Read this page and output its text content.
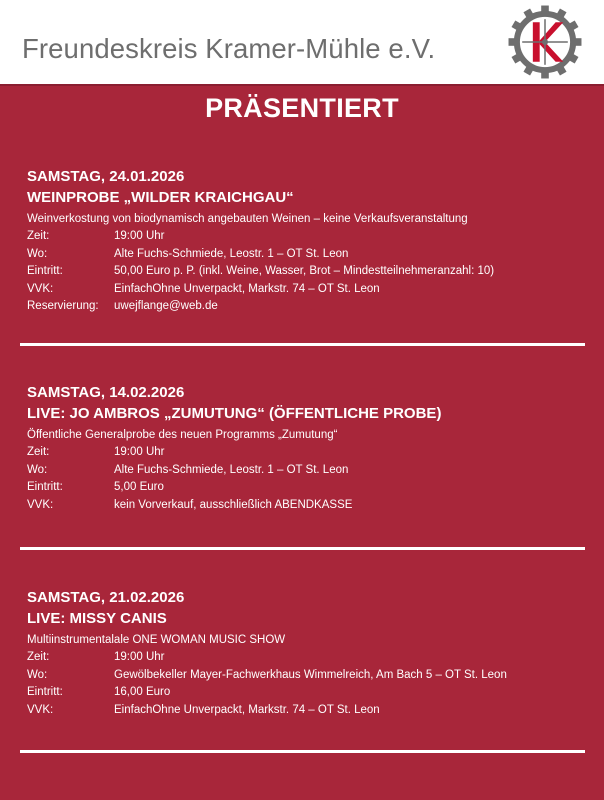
Freundeskreis Kramer-Mühle e.V.
PRÄSENTIERT
SAMSTAG, 24.01.2026
WEINPROBE „WILDER KRAICHGAU“
Weinverkostung von biodynamisch angebauten Weinen – keine Verkaufsveranstaltung
Zeit:	19:00 Uhr
Wo:	Alte Fuchs-Schmiede, Leostr. 1 – OT St. Leon
Eintritt:	50,00 Euro p. P. (inkl. Weine, Wasser, Brot – Mindestteilnehmeranzahl: 10)
VVK:	EinfachOhne Unverpackt, Markstr. 74 – OT St. Leon
Reservierung:	uwejflange@web.de
SAMSTAG, 14.02.2026
LIVE: JO AMBROS „ZUMUTUNG“ (ÖFFENTLICHE PROBE)
Öffentliche Generalprobe des neuen Programms „Zumutung“
Zeit:	19:00 Uhr
Wo:	Alte Fuchs-Schmiede, Leostr. 1 – OT St. Leon
Eintritt:	5,00 Euro
VVK:	kein Vorverkauf, ausschließlich ABENDKASSE
SAMSTAG, 21.02.2026
LIVE: MISSY CANIS
Multiinstrumentalale ONE WOMAN MUSIC SHOW
Zeit:	19:00 Uhr
Wo:	Gewölbekeller Mayer-Fachwerkhaus Wimmelreich, Am Bach 5 – OT St. Leon
Eintritt:	16,00 Euro
VVK:	EinfachOhne Unverpackt, Markstr. 74 – OT St. Leon
